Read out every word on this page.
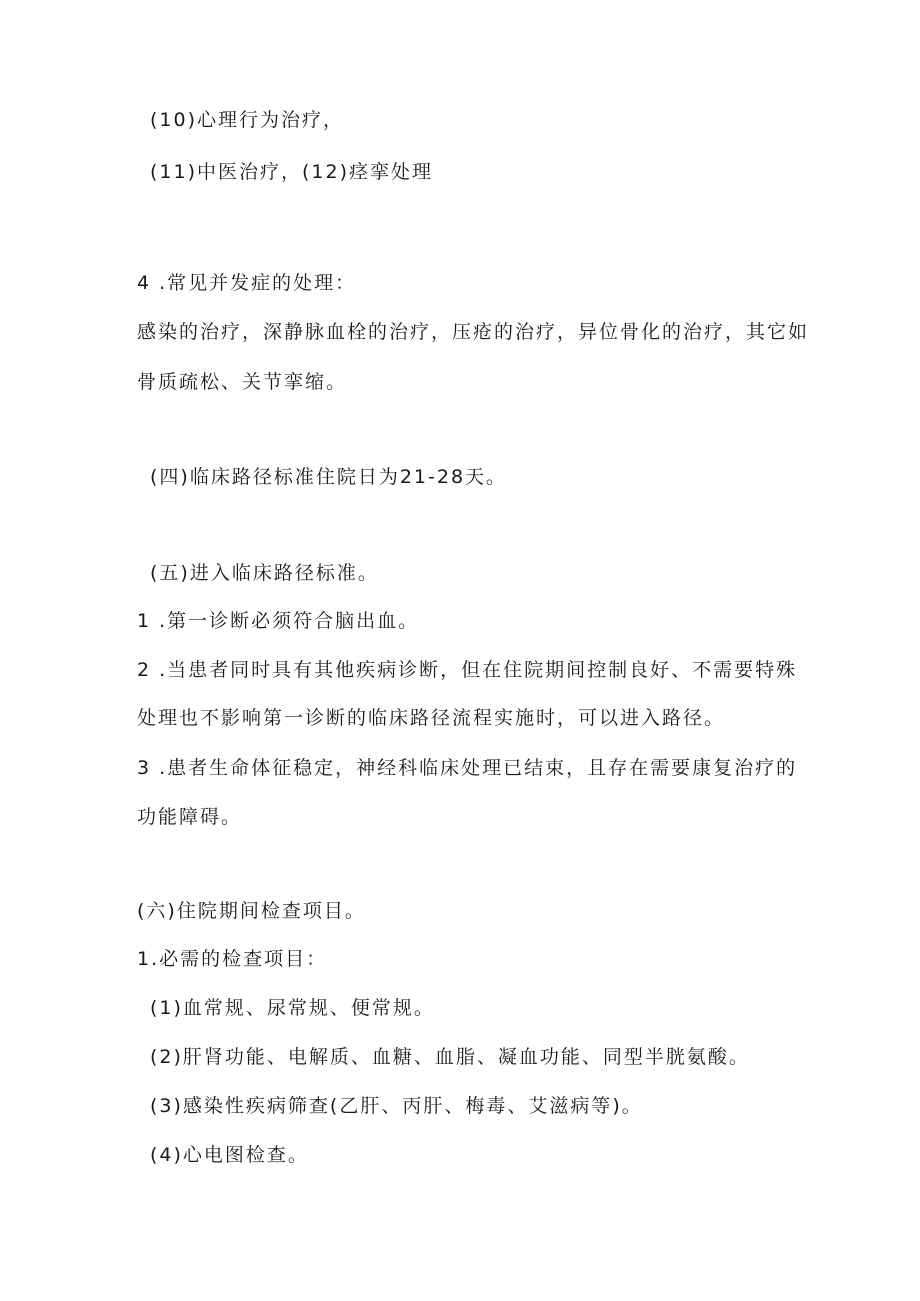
(10)心理行为治疗，
(11)中医治疗，(12)痉挛处理
4 .常见并发症的处理：
感染的治疗，深静脉血栓的治疗，压疮的治疗，异位骨化的治疗，其它如
骨质疏松、关节挛缩。
(四)临床路径标准住院日为21-28天。
(五)进入临床路径标准。
1 .第一诊断必须符合脑出血。
2 .当患者同时具有其他疾病诊断，但在住院期间控制良好、不需要特殊
处理也不影响第一诊断的临床路径流程实施时，可以进入路径。
3 .患者生命体征稳定，神经科临床处理已结束，且存在需要康复治疗的
功能障碍。
(六)住院期间检查项目。
1.必需的检查项目：
(1)血常规、尿常规、便常规。
(2)肝肾功能、电解质、血糖、血脂、凝血功能、同型半胱氨酸。
(3)感染性疾病筛查(乙肝、丙肝、梅毒、艾滋病等)。
(4)心电图检查。
